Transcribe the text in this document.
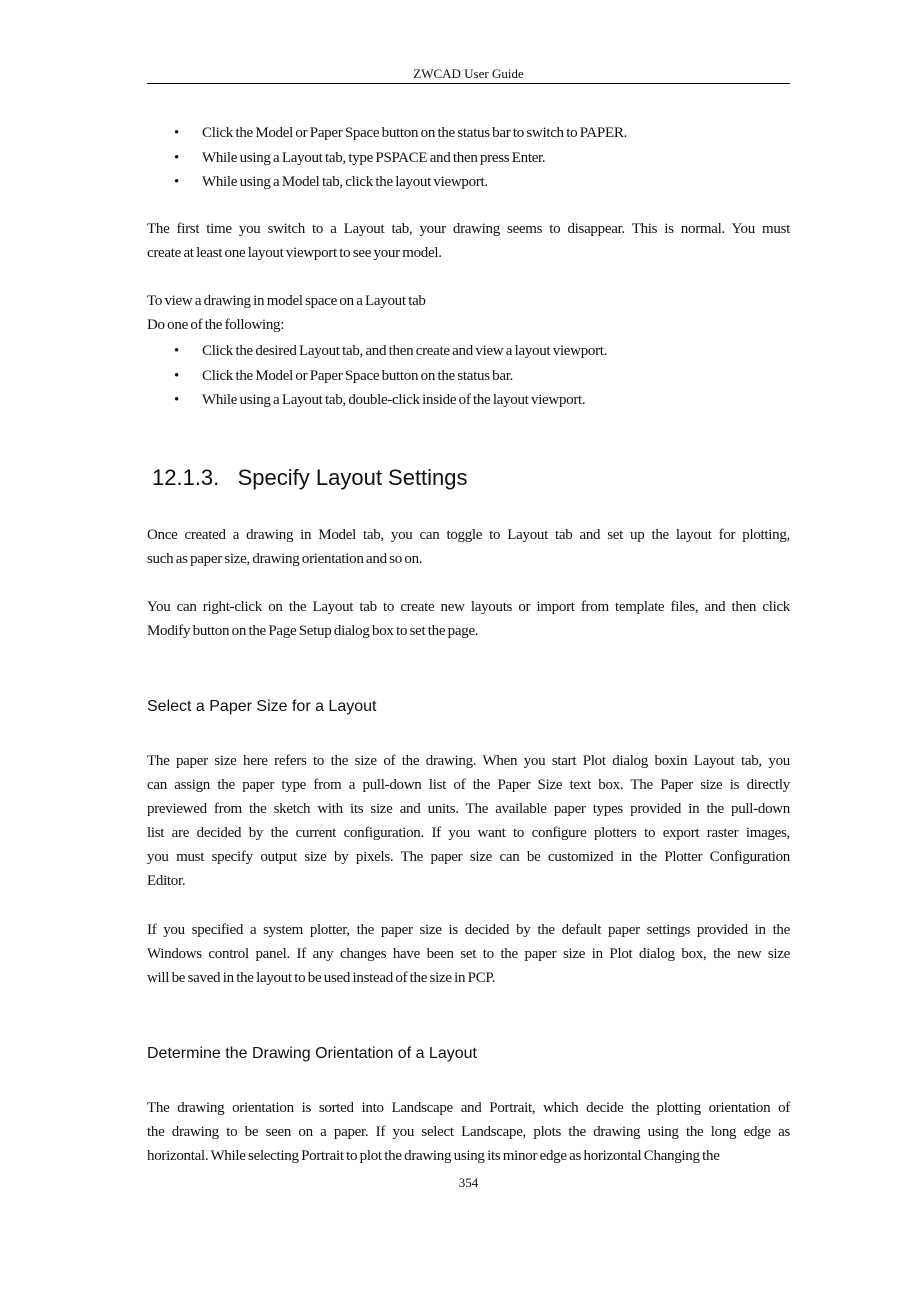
ZWCAD User Guide
• Click the Model or Paper Space button on the status bar to switch to PAPER.
• While using a Layout tab, type PSPACE and then press Enter.
• While using a Model tab, click the layout viewport.
The first time you switch to a Layout tab, your drawing seems to disappear. This is normal. You must
create at least one layout viewport to see your model.
To view a drawing in model space on a Layout tab
Do one of the following:
• Click the desired Layout tab, and then create and view a layout viewport.
• Click the Model or Paper Space button on the status bar.
• While using a Layout tab, double-click inside of the layout viewport.
12.1.3.   Specify Layout Settings
Once created a drawing in Model tab, you can toggle to Layout tab and set up the layout for plotting,
such as paper size, drawing orientation and so on.
You can right-click on the Layout tab to create new layouts or import from template files, and then click
Modify button on the Page Setup dialog box to set the page.
Select a Paper Size for a Layout
The paper size here refers to the size of the drawing. When you start Plot dialog boxin Layout tab, you
can assign the paper type from a pull-down list of the Paper Size text box. The Paper size is directly
previewed from the sketch with its size and units. The available paper types provided in the pull-down
list are decided by the current configuration. If you want to configure plotters to export raster images,
you must specify output size by pixels. The paper size can be customized in the Plotter Configuration
Editor.
If you specified a system plotter, the paper size is decided by the default paper settings provided in the
Windows control panel. If any changes have been set to the paper size in Plot dialog box, the new size
will be saved in the layout to be used instead of the size in PCP.
Determine the Drawing Orientation of a Layout
The drawing orientation is sorted into Landscape and Portrait, which decide the plotting orientation of
the drawing to be seen on a paper. If you select Landscape, plots the drawing using the long edge as
horizontal. While selecting Portrait to plot the drawing using its minor edge as horizontal Changing the
354
